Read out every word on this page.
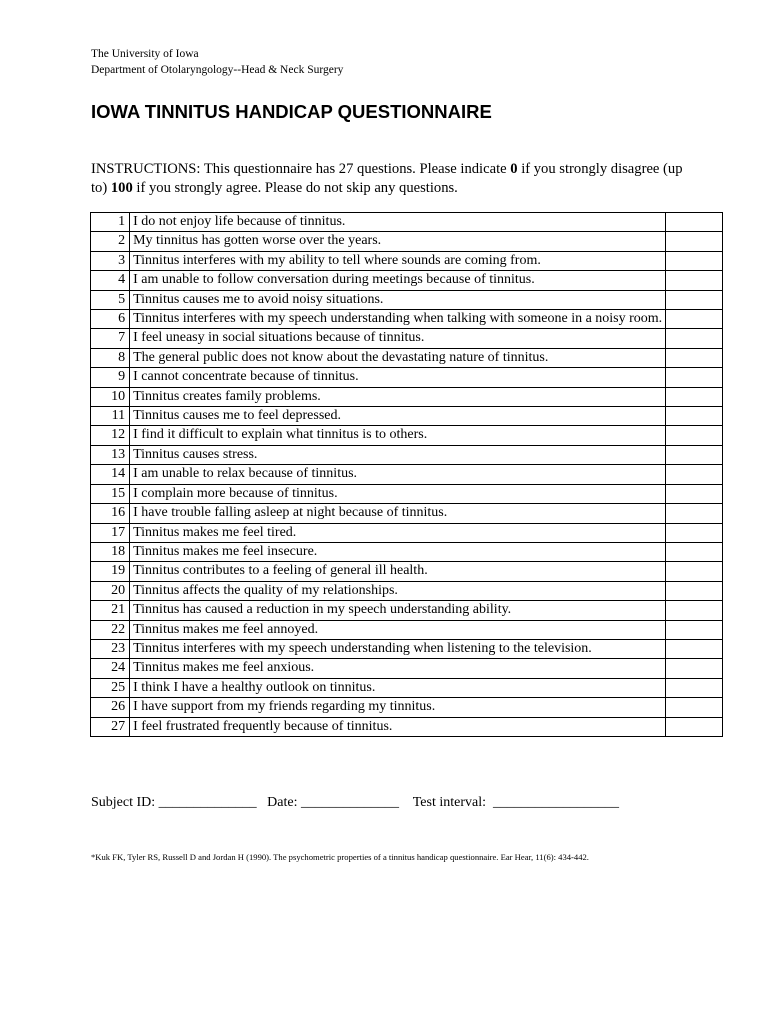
The University of Iowa
Department of Otolaryngology--Head & Neck Surgery
IOWA TINNITUS HANDICAP QUESTIONNAIRE
INSTRUCTIONS: This questionnaire has 27 questions. Please indicate 0 if you strongly disagree (up
to) 100 if you strongly agree. Please do not skip any questions.
1	I do not enjoy life because of tinnitus.	
2	My tinnitus has gotten worse over the years.	
3	Tinnitus interferes with my ability to tell where sounds are coming from.	
4	I am unable to follow conversation during meetings because of tinnitus.	
5	Tinnitus causes me to avoid noisy situations.	
6	Tinnitus interferes with my speech understanding when talking with someone in a noisy room.	
7	I feel uneasy in social situations because of tinnitus.	
8	The general public does not know about the devastating nature of tinnitus.	
9	I cannot concentrate because of tinnitus.	
10	Tinnitus creates family problems.	
11	Tinnitus causes me to feel depressed.	
12	I find it difficult to explain what tinnitus is to others.	
13	Tinnitus causes stress.	
14	I am unable to relax because of tinnitus.	
15	I complain more because of tinnitus.	
16	I have trouble falling asleep at night because of tinnitus.	
17	Tinnitus makes me feel tired.	
18	Tinnitus makes me feel insecure.	
19	Tinnitus contributes to a feeling of general ill health.	
20	Tinnitus affects the quality of my relationships.	
21	Tinnitus has caused a reduction in my speech understanding ability.	
22	Tinnitus makes me feel annoyed.	
23	Tinnitus interferes with my speech understanding when listening to the television.	
24	Tinnitus makes me feel anxious.	
25	I think I have a healthy outlook on tinnitus.	
26	I have support from my friends regarding my tinnitus.	
27	I feel frustrated frequently because of tinnitus.	
Subject ID: ______________ Date: ______________ Test interval: __________________
*Kuk FK, Tyler RS, Russell D and Jordan H (1990). The psychometric properties of a tinnitus handicap questionnaire. Ear Hear, 11(6): 434-442.
